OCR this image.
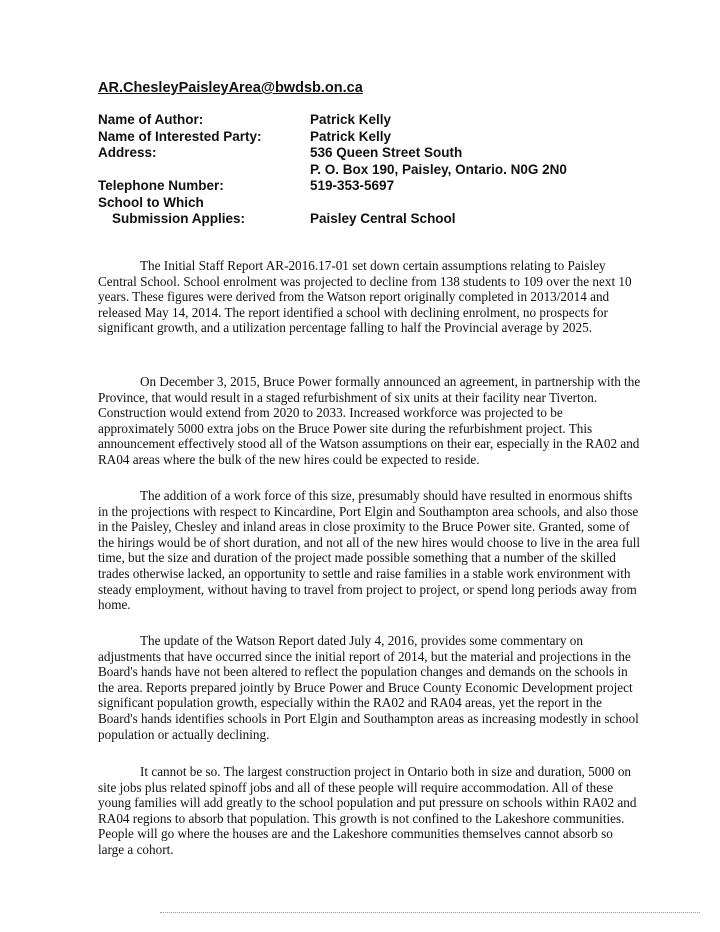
AR.ChesleyPaisleyArea@bwdsb.on.ca
Name of Author:	Patrick Kelly
Name of Interested Party:	Patrick Kelly
Address:	536 Queen Street South
P. O. Box 190, Paisley, Ontario. N0G 2N0
Telephone Number:	519-353-5697
School to Which
Submission Applies:	Paisley Central School

The Initial Staff Report AR-2016.17-01 set down certain assumptions relating to Paisley Central School. School enrolment was projected to decline from 138 students to 109 over the next 10 years. These figures were derived from the Watson report originally completed in 2013/2014 and released May 14, 2014. The report identified a school with declining enrolment, no prospects for significant growth, and a utilization percentage falling to half the Provincial average by 2025.

On December 3, 2015, Bruce Power formally announced an agreement, in partnership with the Province, that would result in a staged refurbishment of six units at their facility near Tiverton. Construction would extend from 2020 to 2033. Increased workforce was projected to be approximately 5000 extra jobs on the Bruce Power site during the refurbishment project. This announcement effectively stood all of the Watson assumptions on their ear, especially in the RA02 and RA04 areas where the bulk of the new hires could be expected to reside.

The addition of a work force of this size, presumably should have resulted in enormous shifts in the projections with respect to Kincardine, Port Elgin and Southampton area schools, and also those in the Paisley, Chesley and inland areas in close proximity to the Bruce Power site. Granted, some of the hirings would be of short duration, and not all of the new hires would choose to live in the area full time, but the size and duration of the project made possible something that a number of the skilled trades otherwise lacked, an opportunity to settle and raise families in a stable work environment with steady employment, without having to travel from project to project, or spend long periods away from home.

The update of the Watson Report dated July 4, 2016, provides some commentary on adjustments that have occurred since the initial report of 2014, but the material and projections in the Board's hands have not been altered to reflect the population changes and demands on the schools in the area. Reports prepared jointly by Bruce Power and Bruce County Economic Development project significant population growth, especially within the RA02 and RA04 areas, yet the report in the Board's hands identifies schools in Port Elgin and Southampton areas as increasing modestly in school population or actually declining.

It cannot be so. The largest construction project in Ontario both in size and duration, 5000 on site jobs plus related spinoff jobs and all of these people will require accommodation. All of these young families will add greatly to the school population and put pressure on schools within RA02 and RA04 regions to absorb that population. This growth is not confined to the Lakeshore communities. People will go where the houses are and the Lakeshore communities themselves cannot absorb so large a cohort.
